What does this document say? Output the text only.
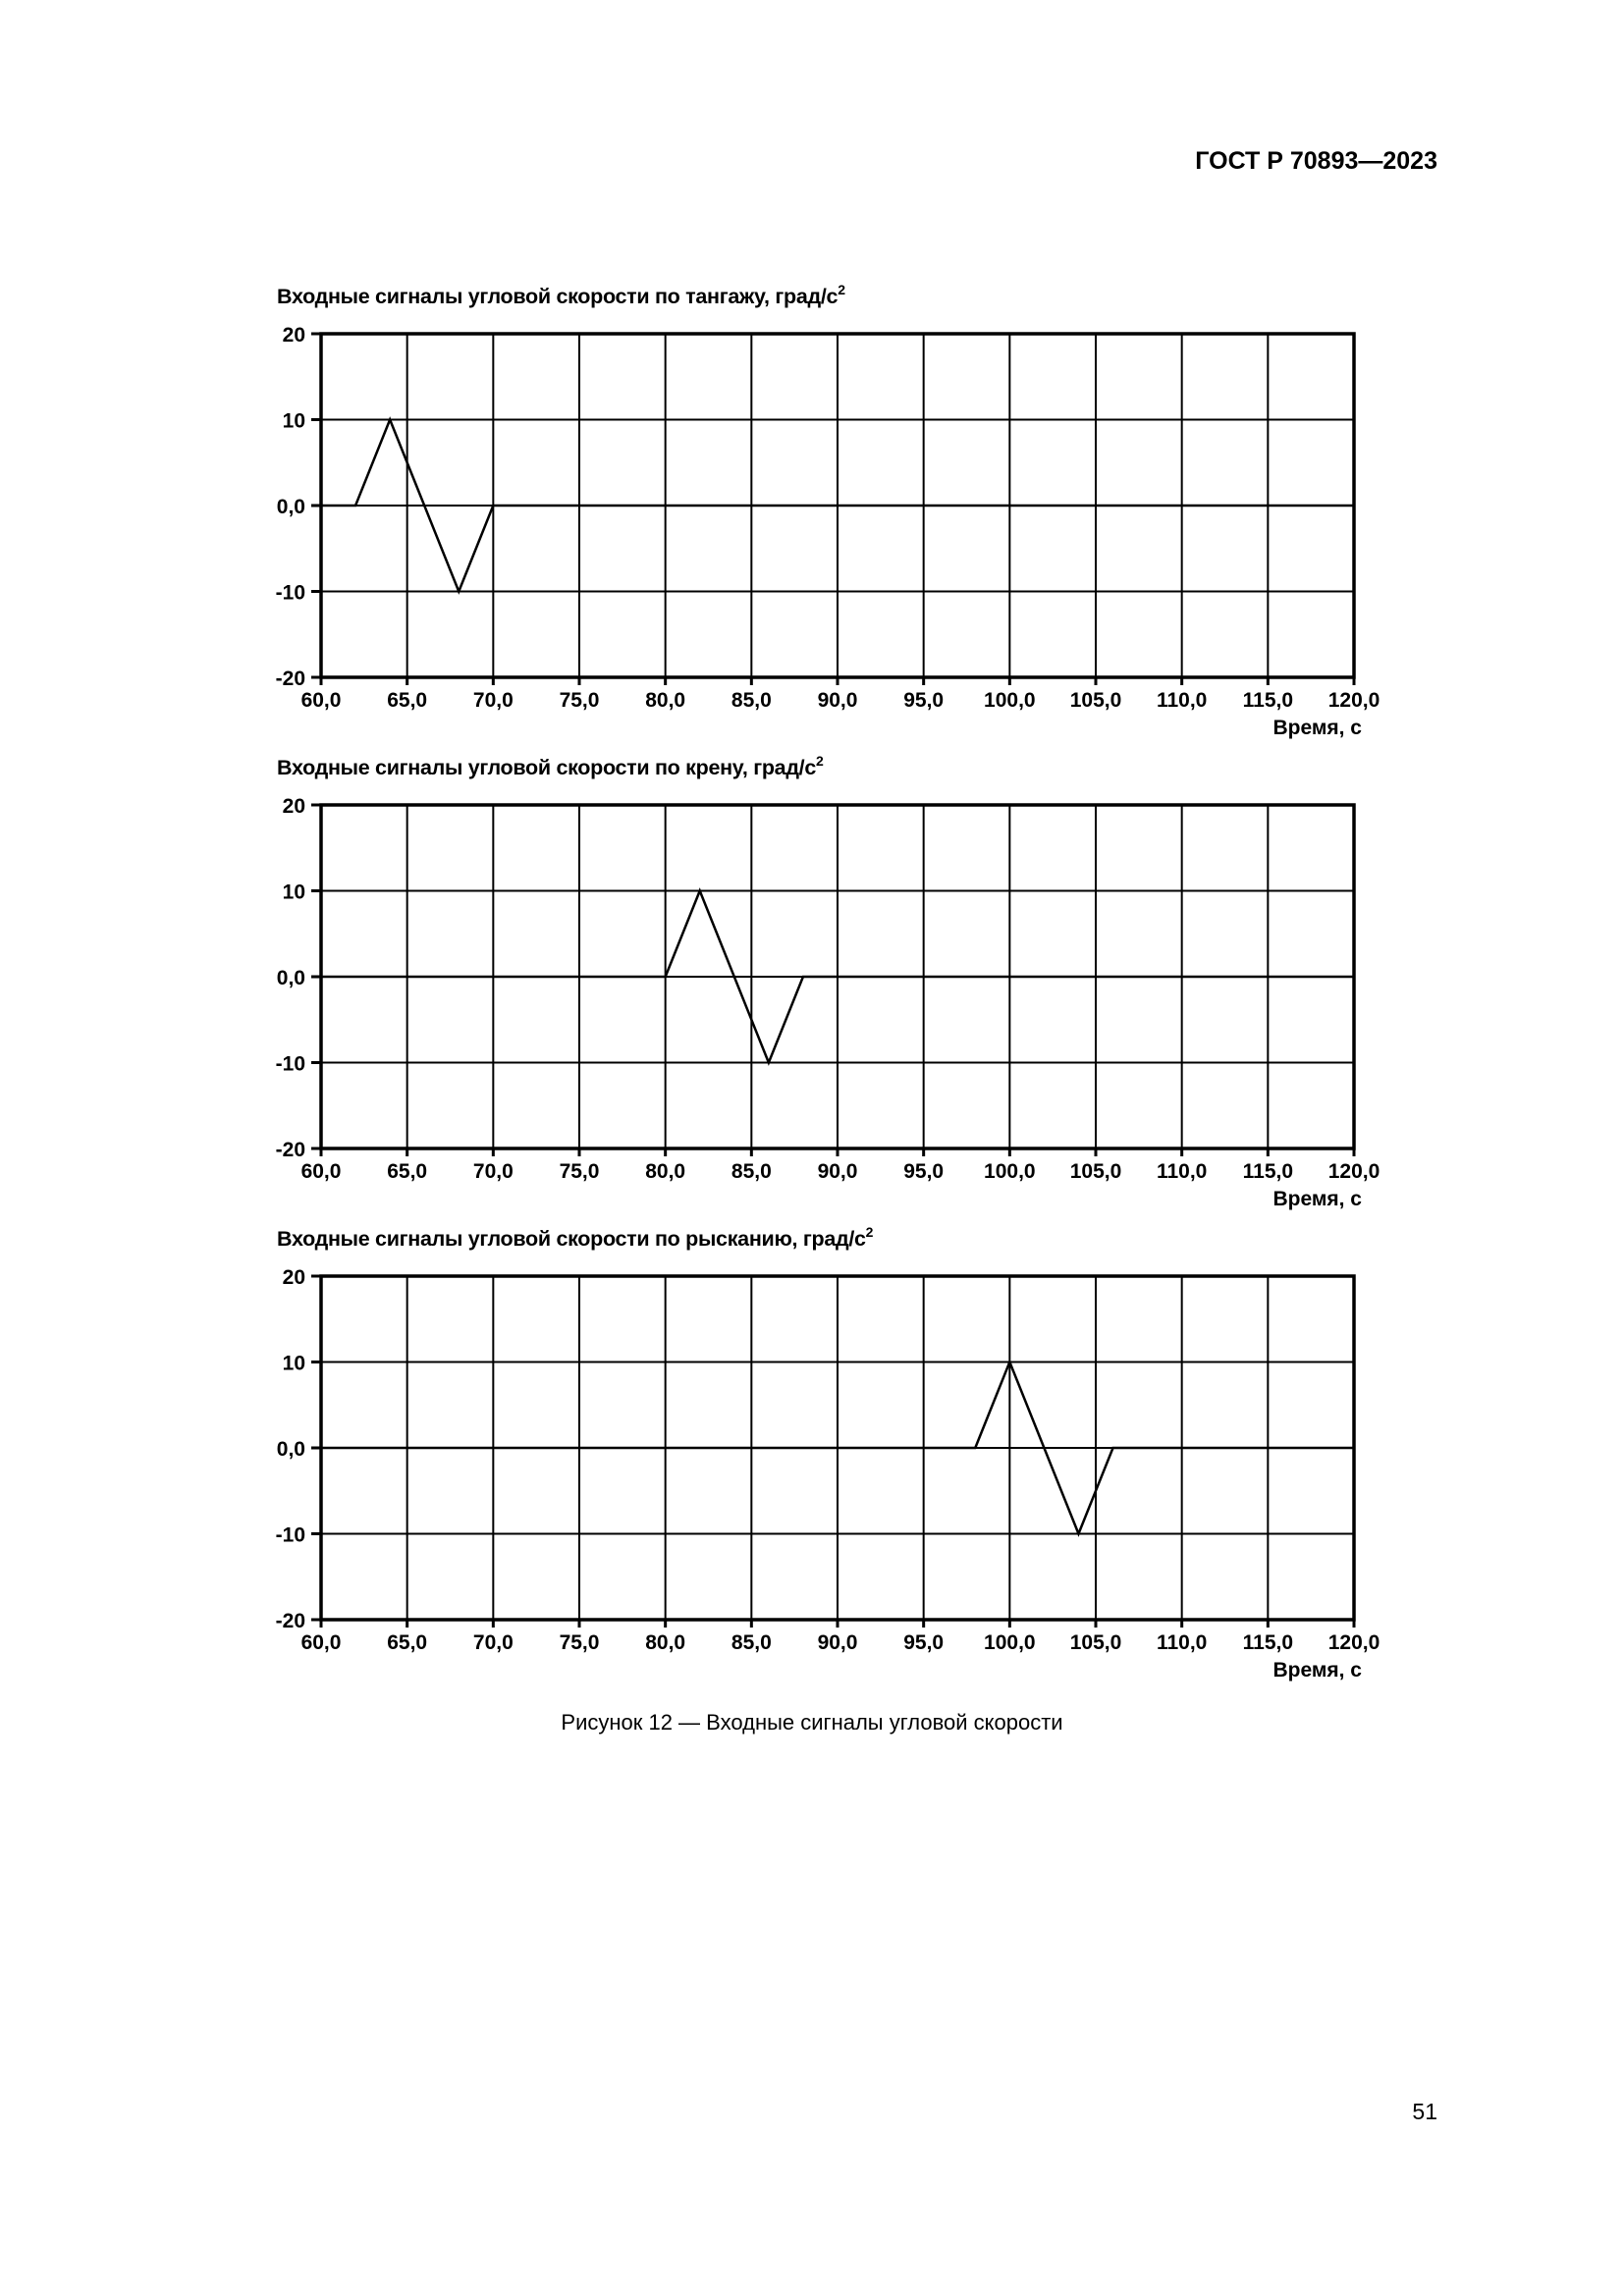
ГОСТ Р 70893—2023
Входные сигналы угловой скорости по тангажу, град/$с^2$
20
10
0,0
-10
-20
60,0 65,0 70,0 75,0 80,0 85,0 90,0 95,0 100,0 105,0 110,0 115,0 120,0
Время, с
Входные сигналы угловой скорости по крену, град/$с^2$
20
10
0,0
-10
-20
60,0 65,0 70,0 75,0 80,0 85,0 90,0 95,0 100,0 105,0 110,0 115,0 120,0
Время, с
Входные сигналы угловой скорости по рысканию, град/$с^2$
20
10
0,0
-10
-20
60,0 65,0 70,0 75,0 80,0 85,0 90,0 95,0 100,0 105,0 110,0 115,0 120,0
Время, с
Рисунок 12 — Входные сигналы угловой скорости
51
